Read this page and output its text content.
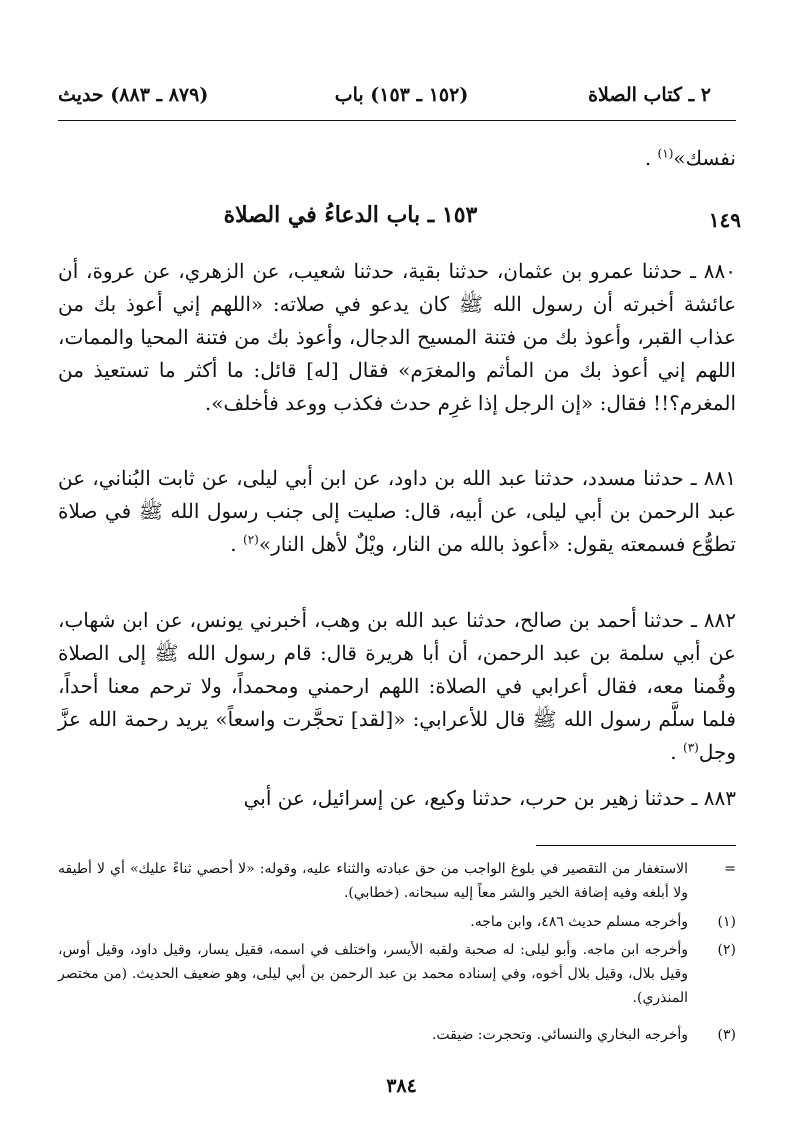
٢ ـ كتاب الصلاة
(١٥٢ ـ ١٥٣) باب
(٨٧٩ ـ ٨٨٣) حديث

نفسك»$^{(١)}$ .

١٤٩
١٥٣ ـ باب الدعاءُ في الصلاة

٨٨٠ ـ حدثنا عمرو بن عثمان، حدثنا بقية، حدثنا شعيب، عن الزهري، عن عروة، أن عائشة أخبرته أن رسول الله ﷺ كان يدعو في صلاته: «اللهم إني أعوذ بك من عذاب القبر، وأعوذ بك من فتنة المسيح الدجال، وأعوذ بك من فتنة المحيا والممات، اللهم إني أعوذ بك من المأثم والمغرَم» فقال [له] قائل: ما أكثر ما تستعيذ من المغرم؟!! فقال: «إن الرجل إذا غرِم حدث فكذب ووعد فأخلف».

٨٨١ ـ حدثنا مسدد، حدثنا عبد الله بن داود، عن ابن أبي ليلى، عن ثابت البُناني، عن عبد الرحمن بن أبي ليلى، عن أبيه، قال: صليت إلى جنب رسول الله ﷺ في صلاة تطوُّع فسمعته يقول: «أعوذ بالله من النار، ويْلٌ لأهل النار»$^{(٢)}$ .

٨٨٢ ـ حدثنا أحمد بن صالح، حدثنا عبد الله بن وهب، أخبرني يونس، عن ابن شهاب، عن أبي سلمة بن عبد الرحمن، أن أبا هريرة قال: قام رسول الله ﷺ إلى الصلاة وقُمنا معه، فقال أعرابي في الصلاة: اللهم ارحمني ومحمداً، ولا ترحم معنا أحداً، فلما سلَّم رسول الله ﷺ قال للأعرابي: «[لقد] تحجَّرت واسعاً» يريد رحمة الله عزَّ وجل$^{(٣)}$ .

٨٨٣ ـ حدثنا زهير بن حرب، حدثنا وكيع، عن إسرائيل، عن أبي

=
الاستغفار من التقصير في بلوغ الواجب من حق عبادته والثناء عليه، وقوله: «لا أحصي ثناءً عليك» أي لا أطيقه ولا أبلغه وفيه إضافة الخير والشر معاً إليه سبحانه. (خطابي).
(١)
وأخرجه مسلم حديث ٤٨٦، وابن ماجه.
(٢)
وأخرجه ابن ماجه. وأبو ليلى: له صحبة ولقبه الأيسر، واختلف في اسمه، فقيل يسار، وقيل داود، وقيل أوس، وقيل بلال، وقيل بلال أخوه، وفي إسناده محمد بن عبد الرحمن بن أبي ليلى، وهو ضعيف الحديث. (من مختصر المنذري).
(٣)
وأخرجه البخاري والنسائي. وتحجرت: ضيقت.
٣٨٤
